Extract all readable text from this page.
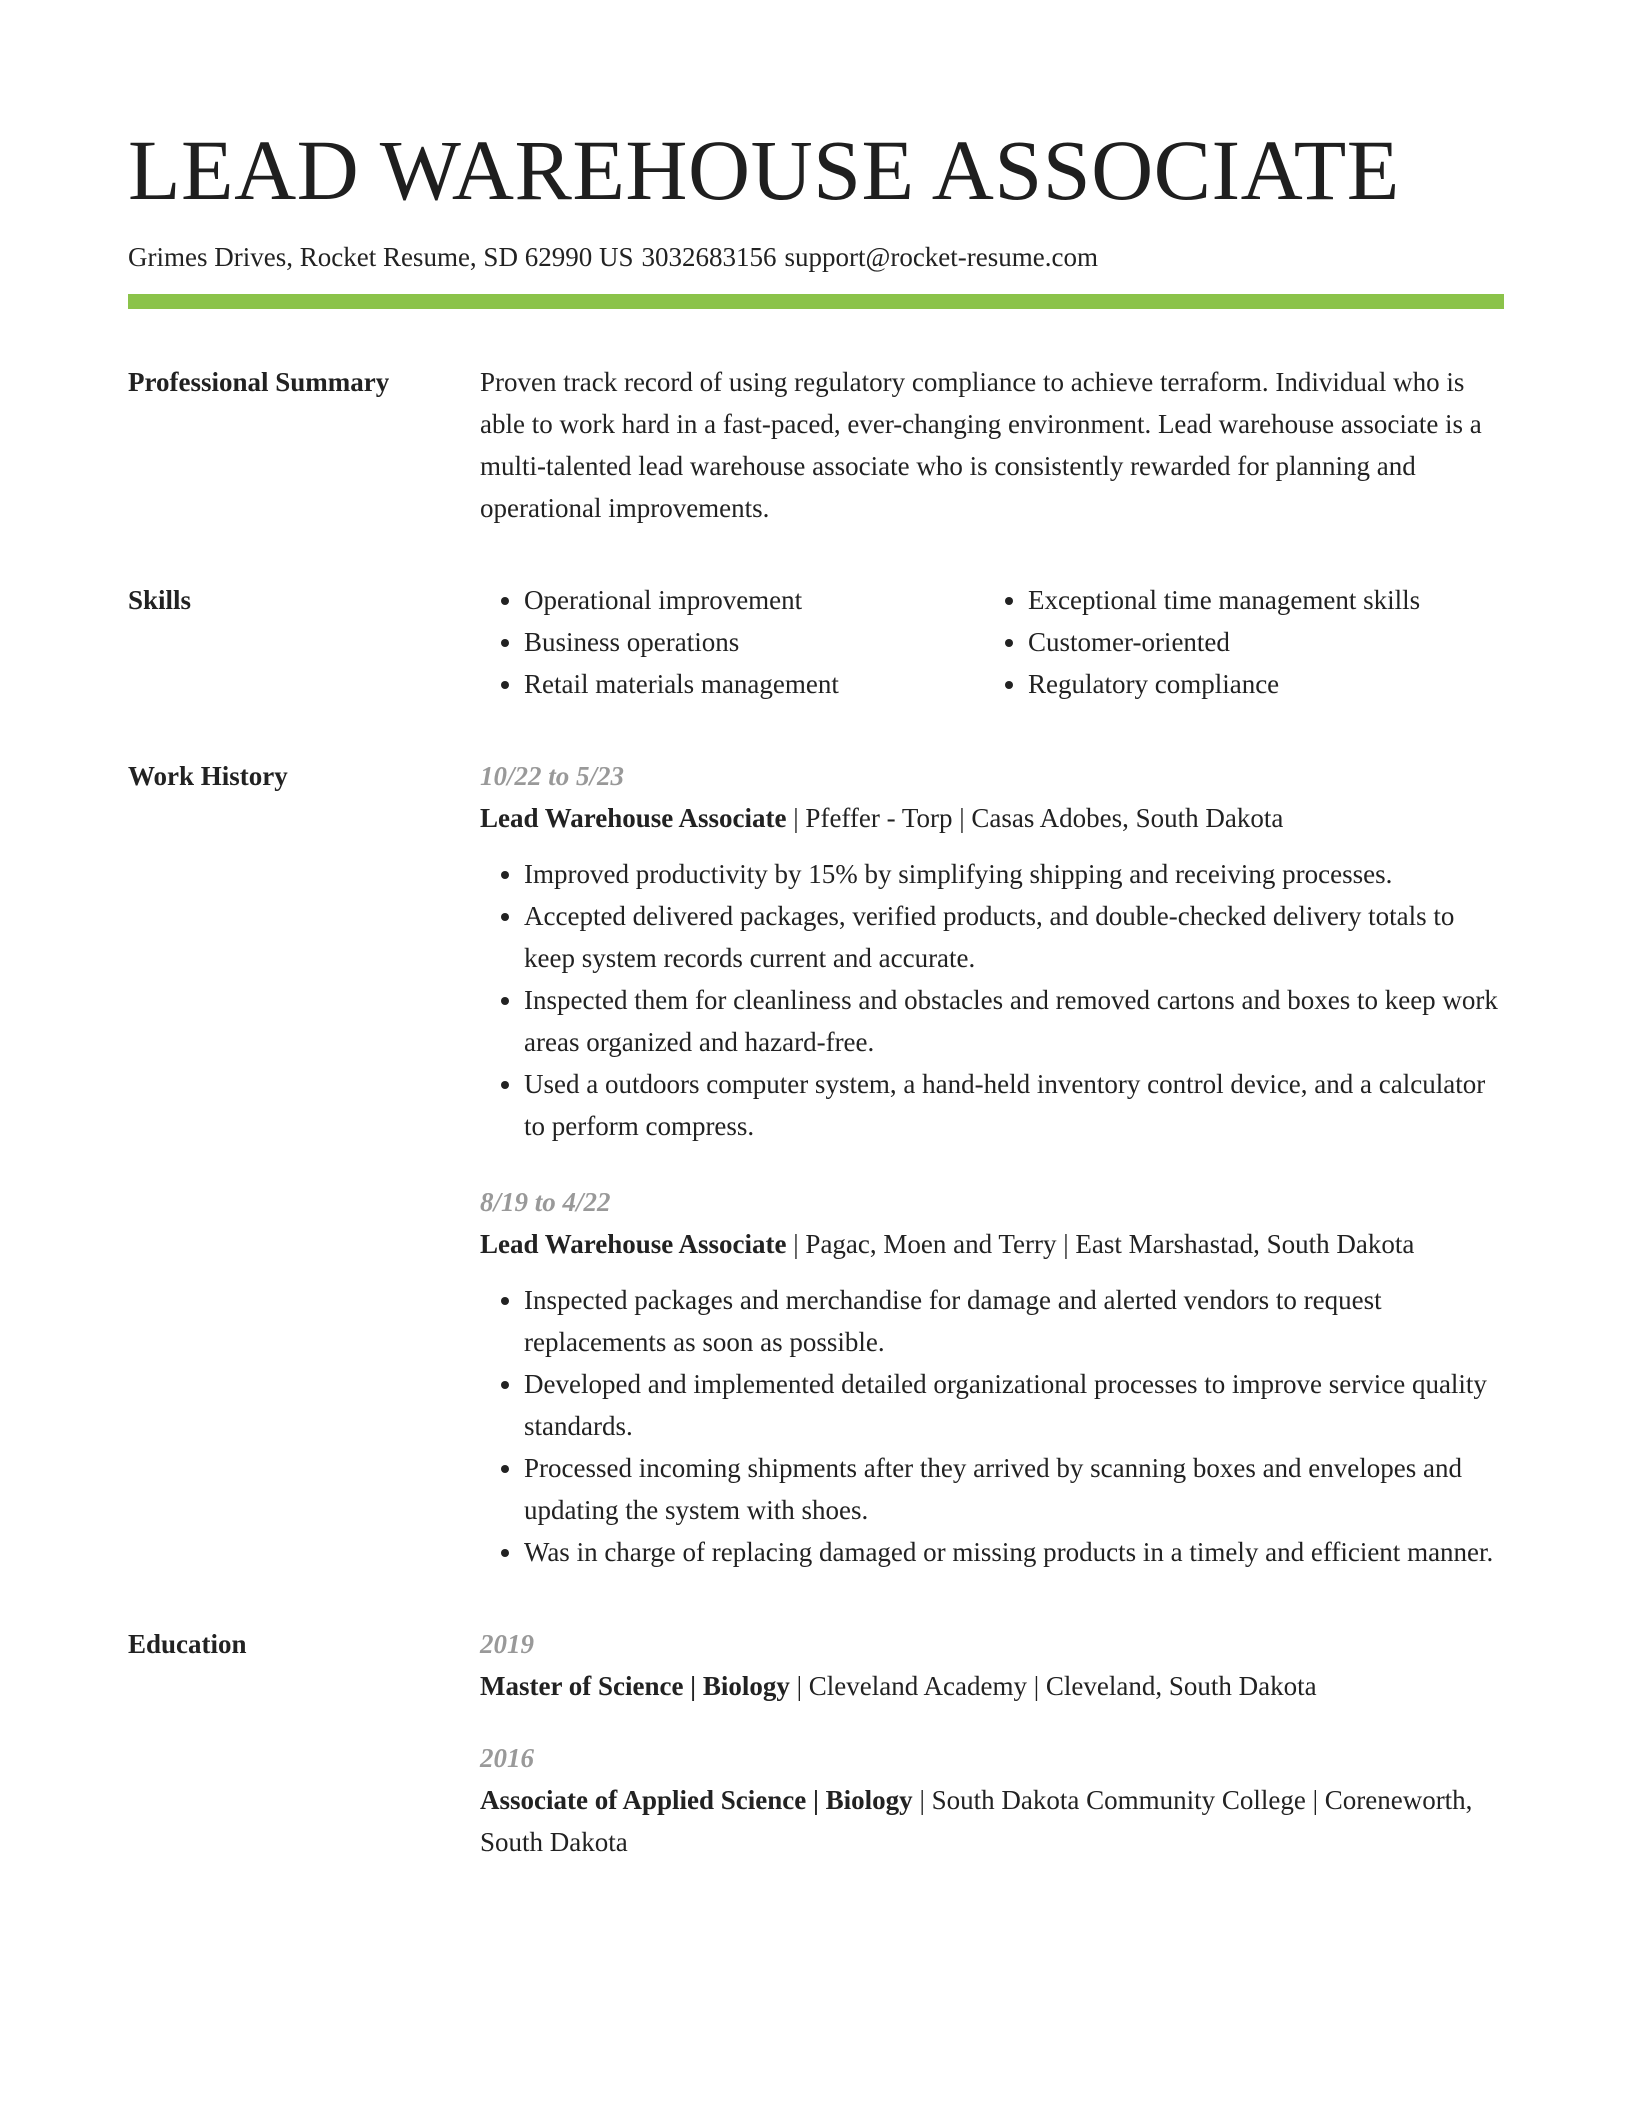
LEAD WAREHOUSE ASSOCIATE
Grimes Drives, Rocket Resume, SD 62990 US 3032683156 support@rocket-resume.com
Professional Summary	Proven track record of using regulatory compliance to achieve terraform. Individual who is able to work hard in a fast-paced, ever-changing environment. Lead warehouse associate is a multi-talented lead warehouse associate who is consistently rewarded for planning and operational improvements.

Skills
•	Operational improvement
• Business operations
• Retail materials management
• Exceptional time management skills
• Customer-oriented
• Regulatory compliance
Work History	10/22 to 5/23
Lead Warehouse Associate | Pfeffer - Torp | Casas Adobes, South Dakota
• Improved productivity by 15% by simplifying shipping and receiving processes.
• Accepted delivered packages, verified products, and double-checked delivery totals to keep system records current and accurate.
• Inspected them for cleanliness and obstacles and removed cartons and boxes to keep work areas organized and hazard-free.
• Used a outdoors computer system, a hand-held inventory control device, and a calculator to perform compress.
8/19 to 4/22
Lead Warehouse Associate | Pagac, Moen and Terry | East Marshastad, South Dakota
• Inspected packages and merchandise for damage and alerted vendors to request replacements as soon as possible.
• Developed and implemented detailed organizational processes to improve service quality standards.
• Processed incoming shipments after they arrived by scanning boxes and envelopes and updating the system with shoes.
• Was in charge of replacing damaged or missing products in a timely and efficient manner.
Education	2019
Master of Science | Biology | Cleveland Academy | Cleveland, South Dakota
2016
Associate of Applied Science | Biology | South Dakota Community College | Coreneworth, South Dakota
